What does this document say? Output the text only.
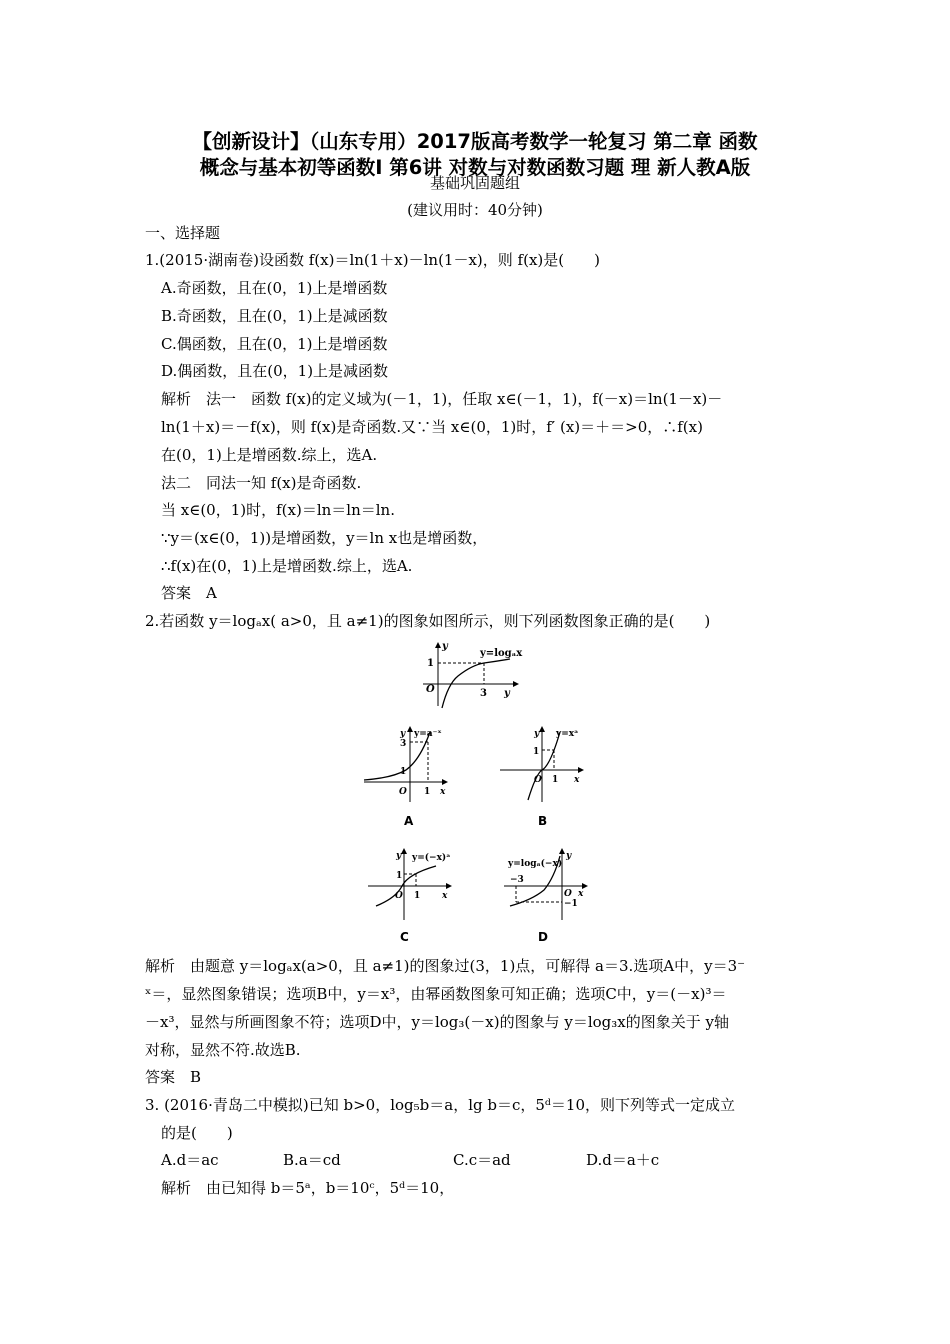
【创新设计】（山东专用）2017版高考数学一轮复习 第二章 函数
概念与基本初等函数Ⅰ 第6讲 对数与对数函数习题 理 新人教A版
基础巩固题组
(建议用时：40分钟)
一、选择题
1.(2015·湖南卷)设函数 f(x)＝ln(1＋x)－ln(1－x)，则 f(x)是(　　)
A.奇函数，且在(0，1)上是增函数
B.奇函数，且在(0，1)上是减函数
C.偶函数，且在(0，1)上是增函数
D.偶函数，且在(0，1)上是减函数
解析　法一　函数 f(x)的定义域为(－1，1)，任取 x∈(－1，1)，f(－x)＝ln(1－x)－
ln(1＋x)＝－f(x)，则 f(x)是奇函数.又∵当 x∈(0，1)时，f′ (x)＝＋＝>0，∴f(x)
在(0，1)上是增函数.综上，选A.
法二　同法一知 f(x)是奇函数.
当 x∈(0，1)时，f(x)＝ln＝ln＝ln.
∵y＝(x∈(0，1))是增函数，y＝ln x也是增函数，
∴f(x)在(0，1)上是增函数.综上，选A.
答案　A
2.若函数 y＝logₐx( a>0，且 a≠1)的图象如图所示，则下列函数图象正确的是(　　)
y
1
O	3 y
y=logₐx
y
3
1
O 1 x
y=a⁻ˣ
A
y
1
O 1 x
y=xᵃ
B
y
1
O 1 x
y=(−x)ᵃ
C
y
−3
−1
O x
y=logₐ(−x)
D
解析　由题意 y＝logₐx(a>0，且 a≠1)的图象过(3，1)点，可解得 a＝3.选项A中，y＝3⁻
ˣ＝，显然图象错误；选项B中，y＝x³，由幂函数图象可知正确；选项C中，y＝(－x)³＝
－x³，显然与所画图象不符；选项D中，y＝log₃(－x)的图象与 y＝log₃x的图象关于 y轴
对称，显然不符.故选B.
答案　B
3. (2016·青岛二中模拟)已知 b>0，log₅b＝a，lg b＝c，5ᵈ＝10，则下列等式一定成立
的是(　　)
A.d＝ac	B.a＝cd	C.c＝ad	D.d＝a＋c
解析　由已知得 b＝5ᵃ，b＝10ᶜ，5ᵈ＝10，
